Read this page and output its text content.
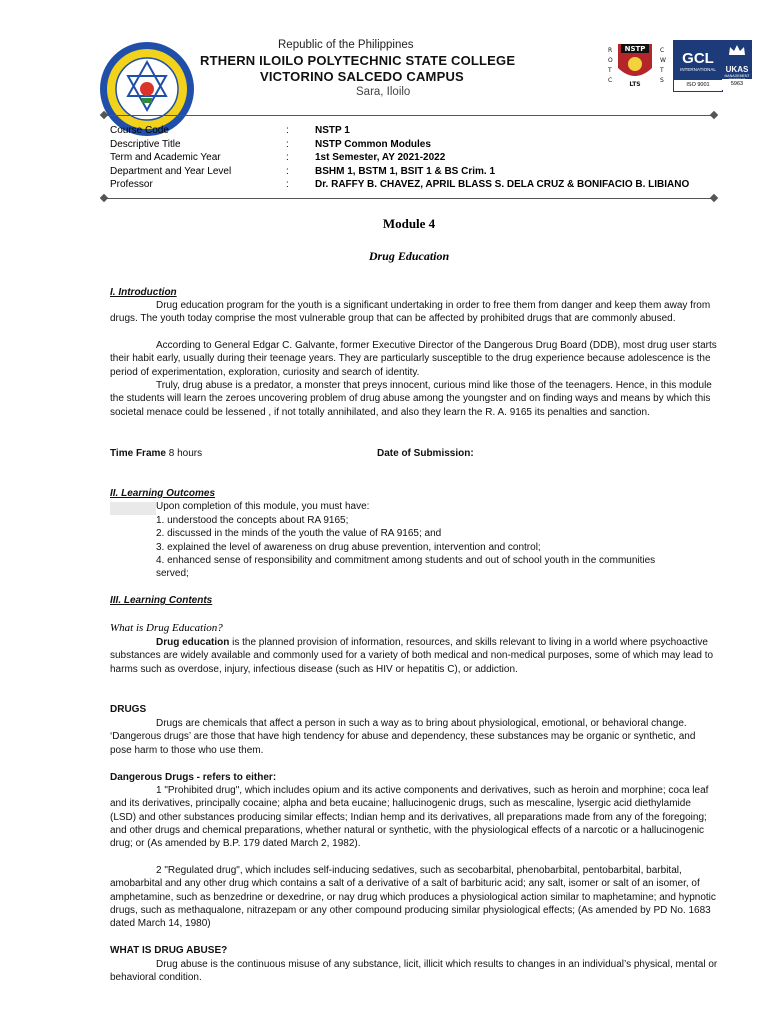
Republic of the Philippines
RTHERN ILOILO POLYTECHNIC STATE COLLEGE
VICTORINO SALCEDO CAMPUS
Sara, Iloilo
NSTP
R
O
T
C
C
W
T
S
LTS
GCL
INTERNATIONAL
ISO 9001
UKAS
MANAGEMENT
5963
Course Code	:	NSTP 1
Descriptive Title	:	NSTP Common Modules
Term and Academic Year	:	1st Semester, AY 2021-2022
Department and Year Level	:	BSHM 1, BSTM 1, BSIT 1 & BS Crim. 1
Professor	:	Dr. RAFFY B. CHAVEZ, APRIL BLASS S. DELA CRUZ & BONIFACIO B. LIBIANO
Module 4
Drug Education
I. Introduction
Drug education program for the youth is a significant undertaking in order to free them from danger and keep them away from drugs. The youth today comprise the most vulnerable group that can be affected by prohibited drugs that are commonly abused.
According to General Edgar C. Galvante, former Executive Director of the Dangerous Drug Board (DDB), most drug user starts their habit early, usually during their teenage years. They are particularly susceptible to the drug experience because adolescence is the period of experimentation, exploration, curiosity and search of identity.
Truly, drug abuse is a predator, a monster that preys innocent, curious mind like those of the teenagers. Hence, in this module the students will learn the zeroes uncovering problem of drug abuse among the youngster and on finding ways and means by which this societal menace could be lessened , if not totally annihilated, and also they learn the R. A. 9165 its penalties and sanction.
Time Frame 8 hours	Date of Submission:
II. Learning Outcomes
Upon completion of this module, you must have:
1. understood the concepts about RA 9165;
2. discussed in the minds of the youth the value of RA 9165; and
3. explained the level of awareness on drug abuse prevention, intervention and control;
4. enhanced sense of responsibility and commitment among students and out of school youth in the communities served;
III. Learning Contents
What is Drug Education?
Drug education is the planned provision of information, resources, and skills relevant to living in a world where psychoactive substances are widely available and commonly used for a variety of both medical and non-medical purposes, some of which may lead to harms such as overdose, injury, infectious disease (such as HIV or hepatitis C), or addiction.
DRUGS
Drugs are chemicals that affect a person in such a way as to bring about physiological, emotional, or behavioral change. ‘Dangerous drugs’ are those that have high tendency for abuse and dependency, these substances may be organic or synthetic, and pose harm to those who use them.
Dangerous Drugs - refers to either:
1 "Prohibited drug", which includes opium and its active components and derivatives, such as heroin and morphine; coca leaf and its derivatives, principally cocaine; alpha and beta eucaine; hallucinogenic drugs, such as mescaline, lysergic acid diethylamide (LSD) and other substances producing similar effects; Indian hemp and its derivatives, all preparations made from any of the foregoing; and other drugs and chemical preparations, whether natural or synthetic, with the physiological effects of a narcotic or a hallucinogenic drug; or (As amended by B.P. 179 dated March 2, 1982).
2 "Regulated drug", which includes self-inducing sedatives, such as secobarbital, phenobarbital, pentobarbital, barbital, amobarbital and any other drug which contains a salt of a derivative of a salt of barbituric acid; any salt, isomer or salt of an isomer, of amphetamine, such as benzedrine or dexedrine, or nay drug which produces a physiological action similar to maphetamine; and hypnotic drugs, such as methaqualone, nitrazepam or any other compound producing similar physiological effects; (As amended by PD No. 1683 dated March 14, 1980)
WHAT IS DRUG ABUSE?
Drug abuse is the continuous misuse of any substance, licit, illicit which results to changes in an individual’s physical, mental or behavioral condition.
